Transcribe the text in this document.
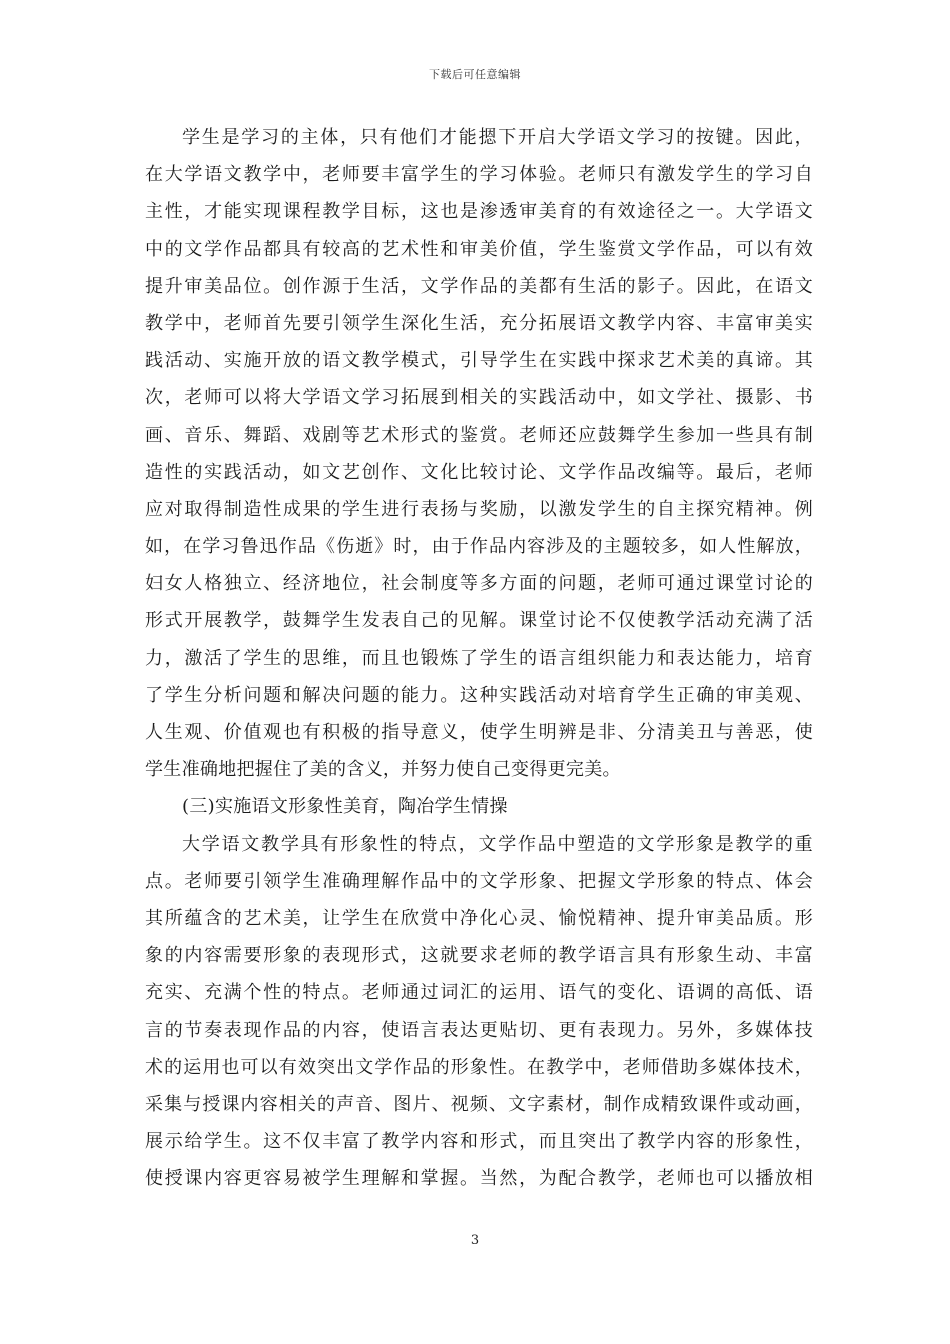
下载后可任意编辑
学生是学习的主体，只有他们才能摁下开启大学语文学习的按键。因此，
在大学语文教学中，老师要丰富学生的学习体验。老师只有激发学生的学习自
主性，才能实现课程教学目标，这也是渗透审美育的有效途径之一。大学语文
中的文学作品都具有较高的艺术性和审美价值，学生鉴赏文学作品，可以有效
提升审美品位。创作源于生活，文学作品的美都有生活的影子。因此，在语文
教学中，老师首先要引领学生深化生活，充分拓展语文教学内容、丰富审美实
践活动、实施开放的语文教学模式，引导学生在实践中探求艺术美的真谛。其
次，老师可以将大学语文学习拓展到相关的实践活动中，如文学社、摄影、书
画、音乐、舞蹈、戏剧等艺术形式的鉴赏。老师还应鼓舞学生参加一些具有制
造性的实践活动，如文艺创作、文化比较讨论、文学作品改编等。最后，老师
应对取得制造性成果的学生进行表扬与奖励，以激发学生的自主探究精神。例
如，在学习鲁迅作品《伤逝》时，由于作品内容涉及的主题较多，如人性解放，
妇女人格独立、经济地位，社会制度等多方面的问题，老师可通过课堂讨论的
形式开展教学，鼓舞学生发表自己的见解。课堂讨论不仅使教学活动充满了活
力，激活了学生的思维，而且也锻炼了学生的语言组织能力和表达能力，培育
了学生分析问题和解决问题的能力。这种实践活动对培育学生正确的审美观、
人生观、价值观也有积极的指导意义，使学生明辨是非、分清美丑与善恶，使
学生准确地把握住了美的含义，并努力使自己变得更完美。
(三)实施语文形象性美育，陶冶学生情操
大学语文教学具有形象性的特点，文学作品中塑造的文学形象是教学的重
点。老师要引领学生准确理解作品中的文学形象、把握文学形象的特点、体会
其所蕴含的艺术美，让学生在欣赏中净化心灵、愉悦精神、提升审美品质。形
象的内容需要形象的表现形式，这就要求老师的教学语言具有形象生动、丰富
充实、充满个性的特点。老师通过词汇的运用、语气的变化、语调的高低、语
言的节奏表现作品的内容，使语言表达更贴切、更有表现力。另外，多媒体技
术的运用也可以有效突出文学作品的形象性。在教学中，老师借助多媒体技术，
采集与授课内容相关的声音、图片、视频、文字素材，制作成精致课件或动画，
展示给学生。这不仅丰富了教学内容和形式，而且突出了教学内容的形象性，
使授课内容更容易被学生理解和掌握。当然，为配合教学，老师也可以播放相
3
